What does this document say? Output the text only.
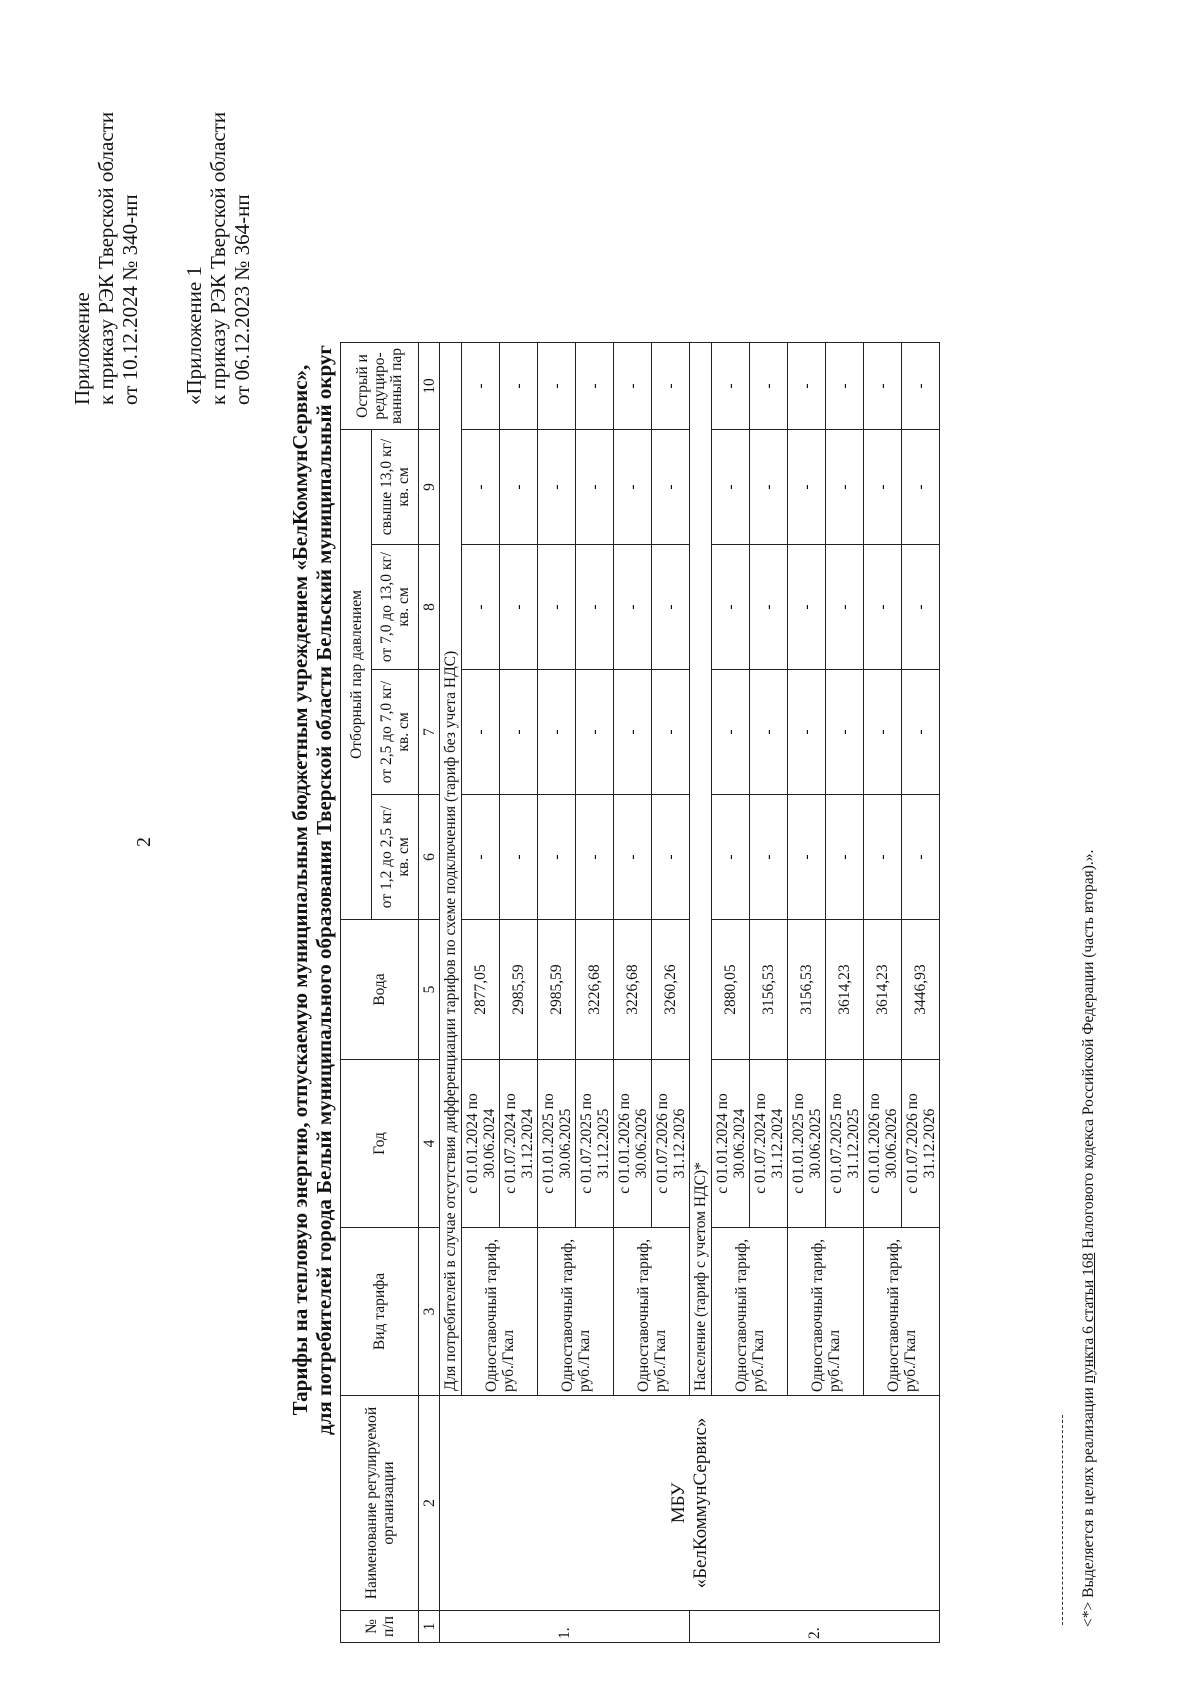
2
Приложение к приказу РЭК Тверской области от 10.12.2024 № 340-нп «Приложение 1 к приказу РЭК Тверской области от 06.12.2023 № 364-нп
Тарифы на тепловую энергию, отпускаемую муниципальным бюджетным учреждением «БелКоммунСервис», для потребителей города Белый муниципального образования Тверской области Бельский муниципальный округ
№ п/п	Наименование регулируемой организации	Вид тарифа	Год	Вода	Отборный пар давлением				Острый и редуциро-ванный пар
					от 1,2 до 2,5 кг/кв. см	от 2,5 до 7,0 кг/кв. см	от 7,0 до 13,0 кг/кв. см	свыше 13,0 кг/кв. см	
1	2	3	4	5	6	7	8	9	10
1.	МБУ «БелКоммунСервис»	Для потребителей в случае отсутствия дифференциации тарифов по схеме подключения (тариф без учета НДС)							
		Одноставочный тариф, руб./Гкал	с 01.01.2024 по 30.06.2024	2877,05	-	-	-	-	-
			с 01.07.2024 по 31.12.2024	2985,59	-	-	-	-	-
		Одноставочный тариф, руб./Гкал	с 01.01.2025 по 30.06.2025	2985,59	-	-	-	-	-
			с 01.07.2025 по 31.12.2025	3226,68	-	-	-	-	-
		Одноставочный тариф, руб./Гкал	с 01.01.2026 по 30.06.2026	3226,68	-	-	-	-	-
			с 01.07.2026 по 31.12.2026	3260,26	-	-	-	-	-
2.		Население (тариф с учетом НДС)*							
		Одноставочный тариф, руб./Гкал	с 01.01.2024 по 30.06.2024	2880,05	-	-	-	-	-
			с 01.07.2024 по 31.12.2024	3156,53	-	-	-	-	-
		Одноставочный тариф, руб./Гкал	с 01.01.2025 по 30.06.2025	3156,53	-	-	-	-	-
			с 01.07.2025 по 31.12.2025	3614,23	-	-	-	-	-
		Одноставочный тариф, руб./Гкал	с 01.01.2026 по 30.06.2026	3614,23	-	-	-	-	-
			с 01.07.2026 по 31.12.2026	3446,93	-	-	-	-	-
<*> Выделяется в целях реализации пункта 6 статьи 168 Налогового кодекса Российской Федерации (часть вторая).».
